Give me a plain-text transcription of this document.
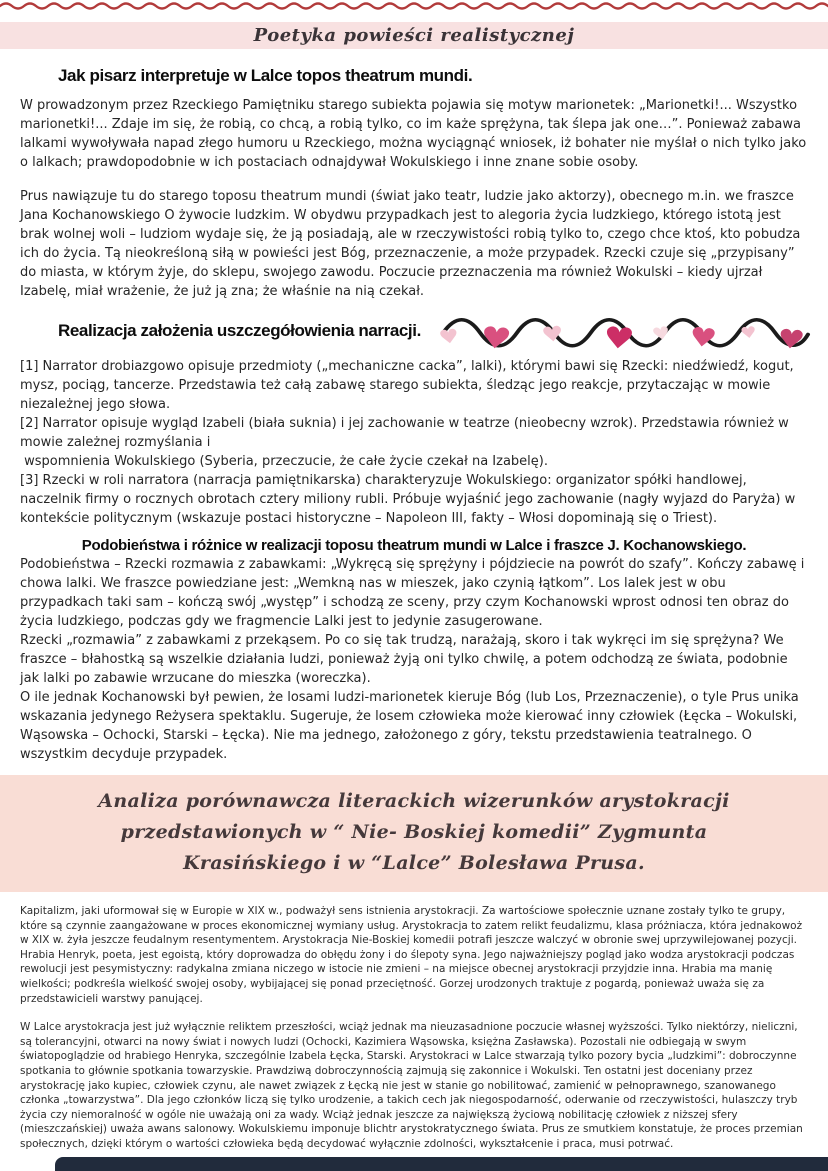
Poetyka powieści realistycznej
Jak pisarz interpretuje w Lalce topos theatrum mundi.

W prowadzonym przez Rzeckiego Pamiętniku starego subiekta pojawia się motyw marionetek: „Marionetki!... Wszystko marionetki!... Zdaje im się, że robią, co chcą, a robią tylko, co im każe sprężyna, tak ślepa jak one…”. Ponieważ zabawa lalkami wywoływała napad złego humoru u Rzeckiego, można wyciągnąć wniosek, iż bohater nie myślał o nich tylko jako o lalkach; prawdopodobnie w ich postaciach odnajdywał Wokulskiego i inne znane sobie osoby.

Prus nawiązuje tu do starego toposu theatrum mundi (świat jako teatr, ludzie jako aktorzy), obecnego m.in. we fraszce Jana Kochanowskiego O żywocie ludzkim. W obydwu przypadkach jest to alegoria życia ludzkiego, którego istotą jest brak wolnej woli – ludziom wydaje się, że ją posiadają, ale w rzeczywistości robią tylko to, czego chce ktoś, kto pobudza ich do życia. Tą nieokreśloną siłą w powieści jest Bóg, przeznaczenie, a może przypadek. Rzecki czuje się „przypisany” do miasta, w którym żyje, do sklepu, swojego zawodu. Poczucie przeznaczenia ma również Wokulski – kiedy ujrzał Izabelę, miał wrażenie, że już ją zna; że właśnie na nią czekał.

Realizacja założenia uszczegółowienia narracji. ♥ ♥ ♥ ♥ ♥ ♥ ♥ ♥

[1] Narrator drobiazgowo opisuje przedmioty („mechaniczne cacka”, lalki), którymi bawi się Rzecki: niedźwiedź, kogut, mysz, pociąg, tancerze. Przedstawia też całą zabawę starego subiekta, śledząc jego reakcje, przytaczając w mowie niezależnej jego słowa.

[2] Narrator opisuje wygląd Izabeli (biała suknia) i jej zachowanie w teatrze (nieobecny wzrok). Przedstawia również w mowie zależnej rozmyślania i

wspomnienia Wokulskiego (Syberia, przeczucie, że całe życie czekał na Izabelę).

[3] Rzecki w roli narratora (narracja pamiętnikarska) charakteryzuje Wokulskiego: organizator spółki handlowej, naczelnik firmy o rocznych obrotach cztery miliony rubli. Próbuje wyjaśnić jego zachowanie (nagły wyjazd do Paryża) w kontekście politycznym (wskazuje postaci historyczne – Napoleon III, fakty – Włosi dopominają się o Triest).

Podobieństwa i różnice w realizacji toposu theatrum mundi w Lalce i fraszce J. Kochanowskiego.

Podobieństwa – Rzecki rozmawia z zabawkami: „Wykręcą się sprężyny i pójdziecie na powrót do szafy”. Kończy zabawę i chowa lalki. We fraszce powiedziane jest: „Wemkną nas w mieszek, jako czynią łątkom”. Los lalek jest w obu przypadkach taki sam – kończą swój „występ” i schodzą ze sceny, przy czym Kochanowski wprost odnosi ten obraz do życia ludzkiego, podczas gdy we fragmencie Lalki jest to jedynie zasugerowane.

Rzecki „rozmawia” z zabawkami z przekąsem. Po co się tak trudzą, narażają, skoro i tak wykręci im się sprężyna? We fraszce – błahostką są wszelkie działania ludzi, ponieważ żyją oni tylko chwilę, a potem odchodzą ze świata, podobnie jak lalki po zabawie wrzucane do mieszka (woreczka).

O ile jednak Kochanowski był pewien, że losami ludzi-marionetek kieruje Bóg (lub Los, Przeznaczenie), o tyle Prus unika wskazania jedynego Reżysera spektaklu. Sugeruje, że losem człowieka może kierować inny człowiek (Łęcka – Wokulski, Wąsowska – Ochocki, Starski – Łęcka). Nie ma jednego, założonego z góry, tekstu przedstawienia teatralnego. O wszystkim decyduje przypadek.

Analiza porównawcza literackich wizerunków arystokracji przedstawionych w “ Nie- Boskiej komedii” Zygmunta Krasińskiego i w “Lalce” Bolesława Prusa.

Kapitalizm, jaki uformował się w Europie w XIX w., podważył sens istnienia arystokracji. Za wartościowe społecznie uznane zostały tylko te grupy, które są czynnie zaangażowane w proces ekonomicznej wymiany usług. Arystokracja to zatem relikt feudalizmu, klasa próżniacza, która jednakowoż w XIX w. żyła jeszcze feudalnym resentymentem. Arystokracja Nie-Boskiej komedii potrafi jeszcze walczyć w obronie swej uprzywilejowanej pozycji. Hrabia Henryk, poeta, jest egoistą, który doprowadza do obłędu żony i do ślepoty syna. Jego najważniejszy pogląd jako wodza arystokracji podczas rewolucji jest pesymistyczny: radykalna zmiana niczego w istocie nie zmieni – na miejsce obecnej arystokracji przyjdzie inna. Hrabia ma manię wielkości; podkreśla wielkość swojej osoby, wybijającej się ponad przeciętność. Gorzej urodzonych traktuje z pogardą, ponieważ uważa się za przedstawicieli warstwy panującej.

W Lalce arystokracja jest już wyłącznie reliktem przeszłości, wciąż jednak ma nieuzasadnione poczucie własnej wyższości. Tylko niektórzy, nieliczni, są tolerancyjni, otwarci na nowy świat i nowych ludzi (Ochocki, Kazimiera Wąsowska, księżna Zasławska). Pozostali nie odbiegają w swym światopoglądzie od hrabiego Henryka, szczególnie Izabela Łęcka, Starski. Arystokraci w Lalce stwarzają tylko pozory bycia „ludzkimi”: dobroczynne spotkania to głównie spotkania towarzyskie. Prawdziwą dobroczynnością zajmują się zakonnice i Wokulski. Ten ostatni jest doceniany przez arystokrację jako kupiec, człowiek czynu, ale nawet związek z Łęcką nie jest w stanie go nobilitować, zamienić w pełnoprawnego, szanowanego członka „towarzystwa”. Dla jego członków liczą się tylko urodzenie, a takich cech jak niegospodarność, oderwanie od rzeczywistości, hulaszczy tryb życia czy niemoralność w ogóle nie uważają oni za wady. Wciąż jednak jeszcze za największą życiową nobilitację człowiek z niższej sfery (mieszczańskiej) uważa awans salonowy. Wokulskiemu imponuje blichtr arystokratycznego świata. Prus ze smutkiem konstatuje, że proces przemian społecznych, dzięki którym o wartości człowieka będą decydować wyłącznie zdolności, wykształcenie i praca, musi potrwać.
